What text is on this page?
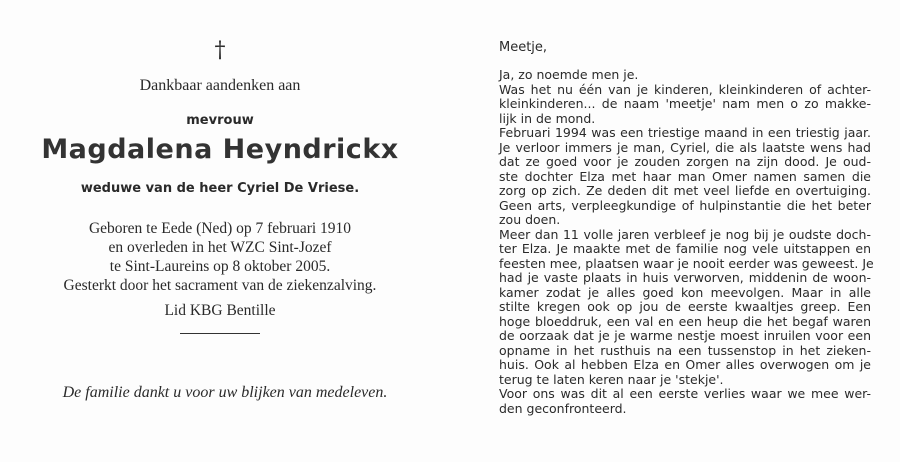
†
Dankbaar aandenken aan
mevrouw
Magdalena Heyndrickx
weduwe van de heer Cyriel De Vriese.
Geboren te Eede (Ned) op 7 februari 1910
en overleden in het WZC Sint-Jozef
te Sint-Laureins op 8 oktober 2005.
Gesterkt door het sacrament van de ziekenzalving.
Lid KBG Bentille
De familie dankt u voor uw blijken van medeleven.
Meetje,
Ja, zo noemde men je.
Was het nu één van je kinderen, kleinkinderen of achter-
kleinkinderen... de naam 'meetje' nam men o zo makke-
lijk in de mond.
Februari 1994 was een triestige maand in een triestig jaar.
Je verloor immers je man, Cyriel, die als laatste wens had
dat ze goed voor je zouden zorgen na zijn dood. Je oud-
ste dochter Elza met haar man Omer namen samen die
zorg op zich. Ze deden dit met veel liefde en overtuiging.
Geen arts, verpleegkundige of hulpinstantie die het beter
zou doen.
Meer dan 11 volle jaren verbleef je nog bij je oudste doch-
ter Elza. Je maakte met de familie nog vele uitstappen en
feesten mee, plaatsen waar je nooit eerder was geweest. Je
had je vaste plaats in huis verworven, middenin de woon-
kamer zodat je alles goed kon meevolgen. Maar in alle
stilte kregen ook op jou de eerste kwaaltjes greep. Een
hoge bloeddruk, een val en een heup die het begaf waren
de oorzaak dat je je warme nestje moest inruilen voor een
opname in het rusthuis na een tussenstop in het zieken-
huis. Ook al hebben Elza en Omer alles overwogen om je
terug te laten keren naar je 'stekje'.
Voor ons was dit al een eerste verlies waar we mee wer-
den geconfronteerd.
